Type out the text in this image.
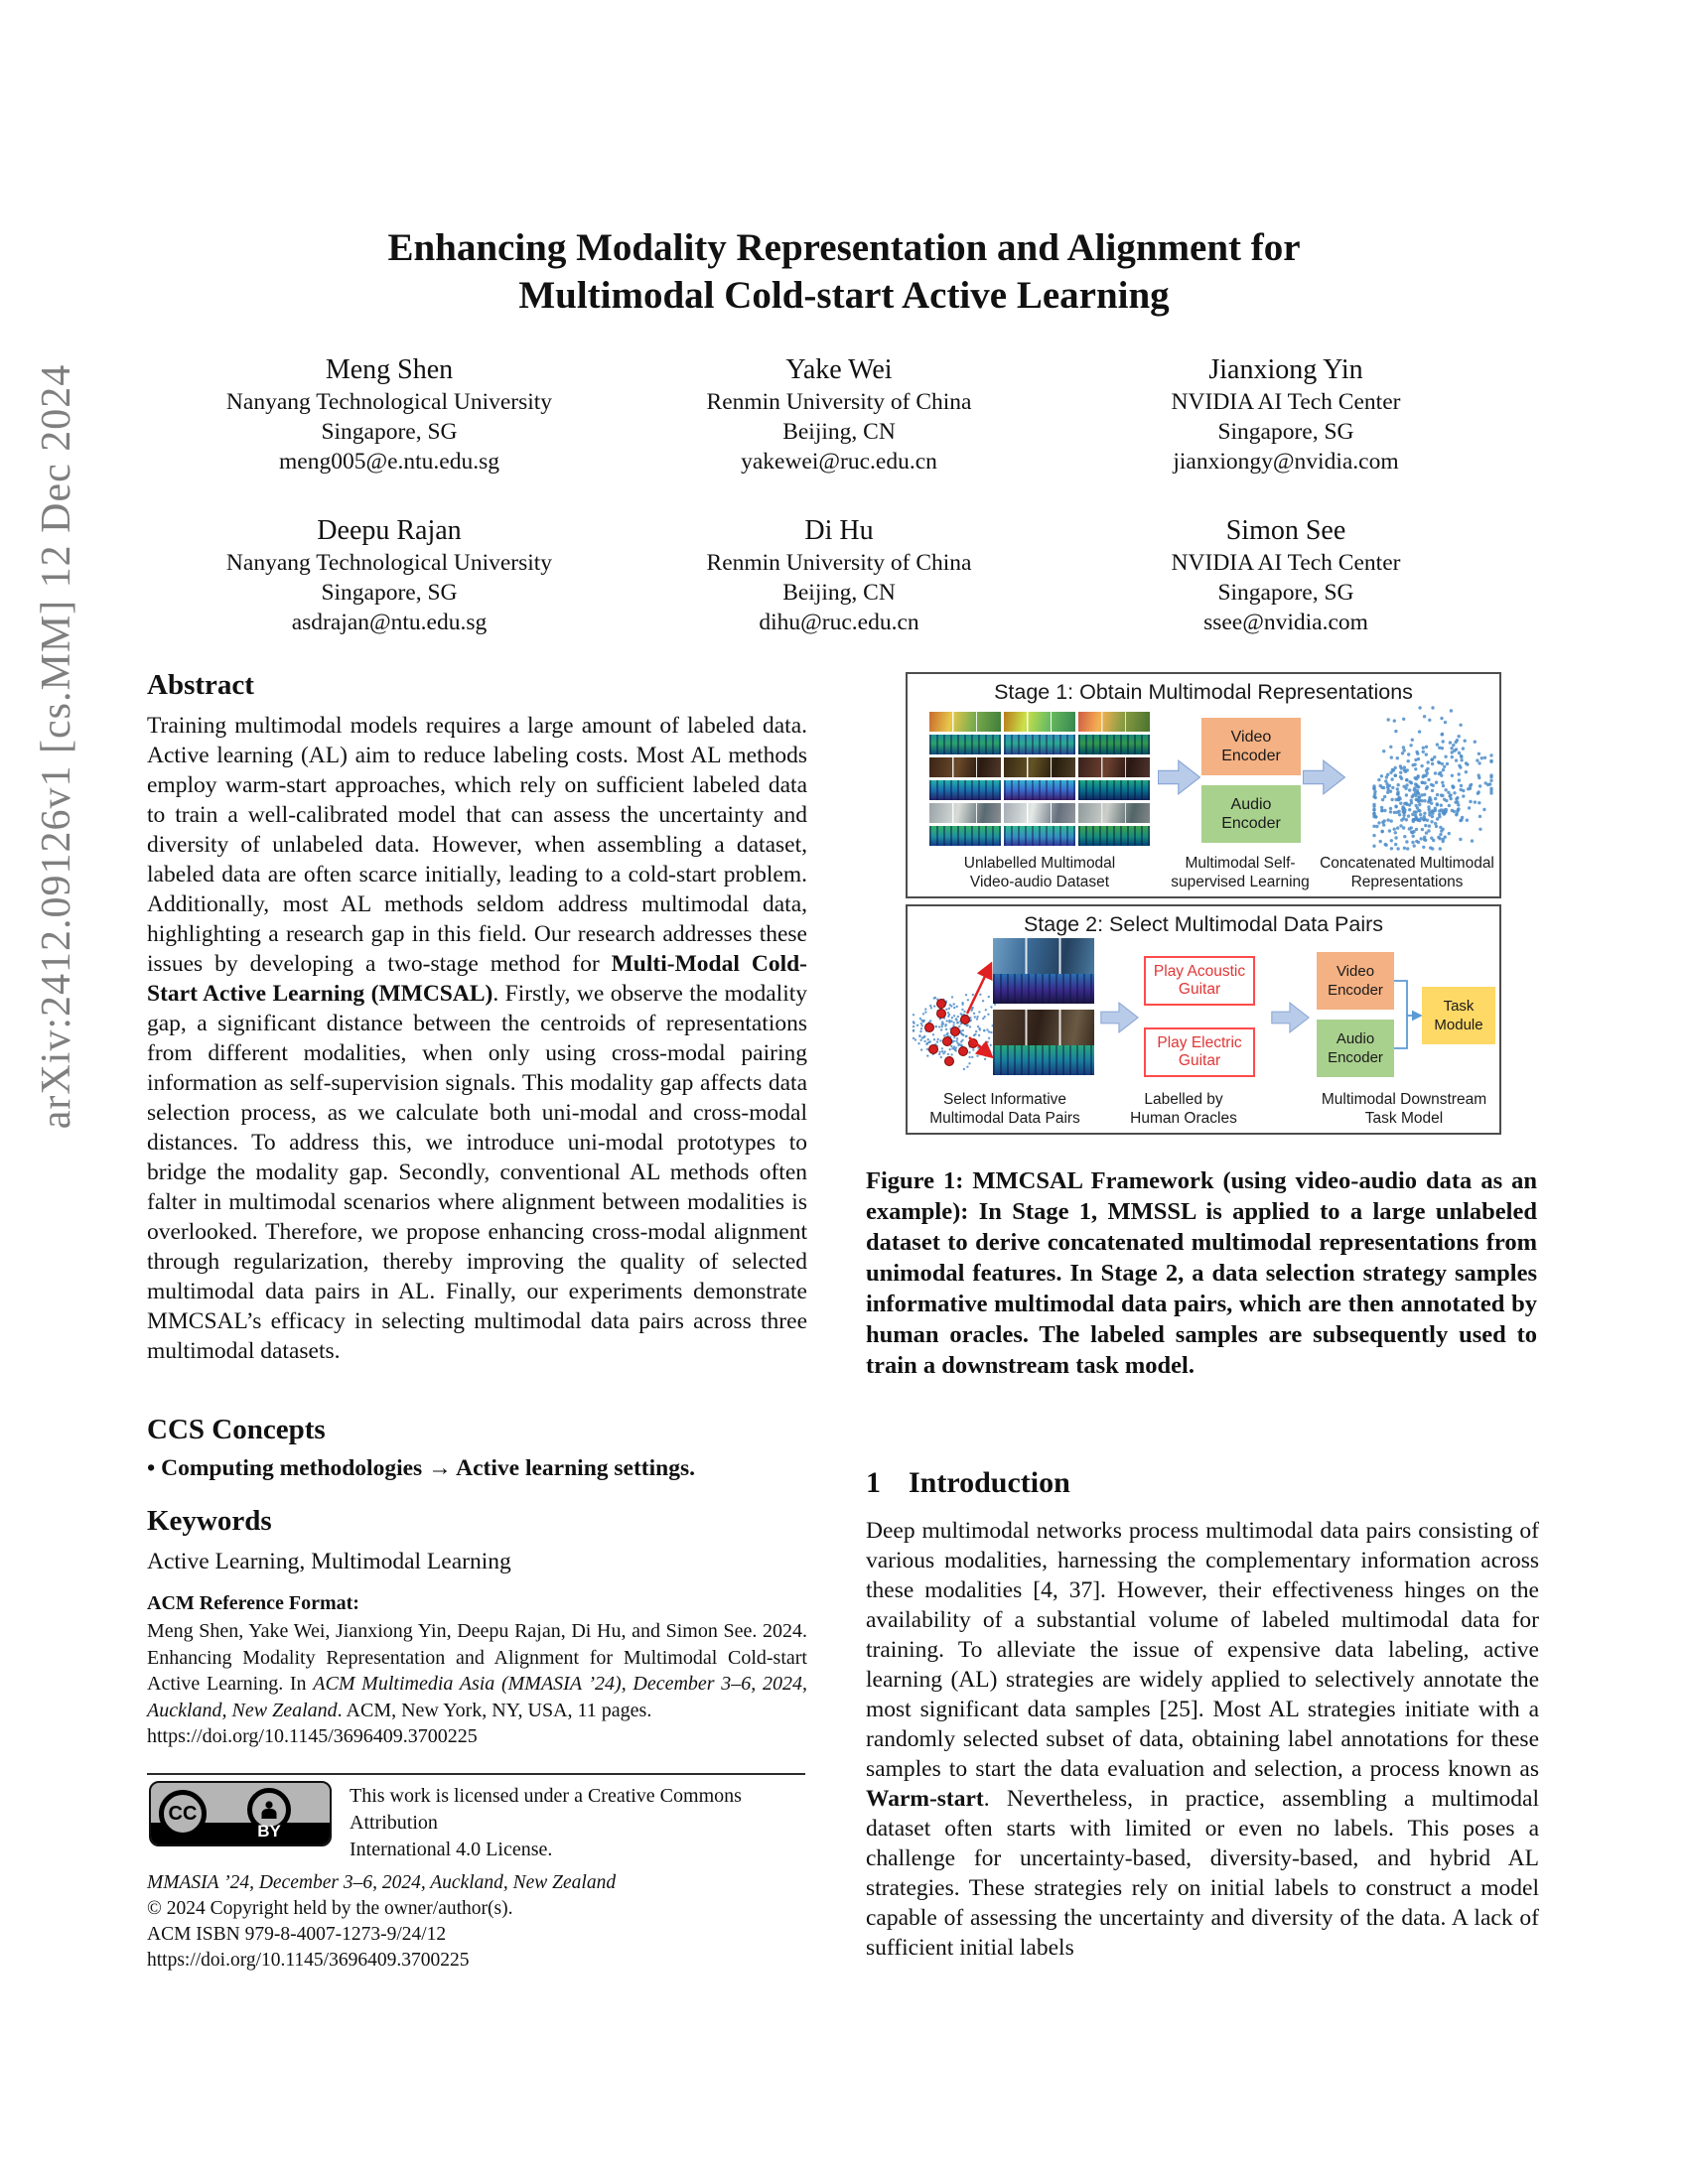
arXiv:2412.09126v1 [cs.MM] 12 Dec 2024
Enhancing Modality Representation and Alignment for
Multimodal Cold-start Active Learning
Meng Shen
Nanyang Technological University
Singapore, SG
meng005@e.ntu.edu.sg
Yake Wei
Renmin University of China
Beijing, CN
yakewei@ruc.edu.cn
Jianxiong Yin
NVIDIA AI Tech Center
Singapore, SG
jianxiongy@nvidia.com
Deepu Rajan
Nanyang Technological University
Singapore, SG
asdrajan@ntu.edu.sg
Di Hu
Renmin University of China
Beijing, CN
dihu@ruc.edu.cn
Simon See
NVIDIA AI Tech Center
Singapore, SG
ssee@nvidia.com
Abstract
Training multimodal models requires a large amount of labeled data. Active learning (AL) aim to reduce labeling costs. Most AL methods employ warm-start approaches, which rely on sufficient labeled data to train a well-calibrated model that can assess the uncertainty and diversity of unlabeled data. However, when assembling a dataset, labeled data are often scarce initially, leading to a cold-start problem. Additionally, most AL methods seldom address multimodal data, highlighting a research gap in this field. Our research addresses these issues by developing a two-stage method for Multi-Modal Cold-Start Active Learning (MMCSAL). Firstly, we observe the modality gap, a significant distance between the centroids of representations from different modalities, when only using cross-modal pairing information as self-supervision signals. This modality gap affects data selection process, as we calculate both uni-modal and cross-modal distances. To address this, we introduce uni-modal prototypes to bridge the modality gap. Secondly, conventional AL methods often falter in multimodal scenarios where alignment between modalities is overlooked. Therefore, we propose enhancing cross-modal alignment through regularization, thereby improving the quality of selected multimodal data pairs in AL. Finally, our experiments demonstrate MMCSAL’s efficacy in selecting multimodal data pairs across three multimodal datasets.
CCS Concepts
• Computing methodologies → Active learning settings.
Keywords
Active Learning, Multimodal Learning
ACM Reference Format:
Meng Shen, Yake Wei, Jianxiong Yin, Deepu Rajan, Di Hu, and Simon See. 2024. Enhancing Modality Representation and Alignment for Multimodal Cold-start Active Learning. In ACM Multimedia Asia (MMASIA ’24), December 3–6, 2024, Auckland, New Zealand. ACM, New York, NY, USA, 11 pages.
https://doi.org/10.1145/3696409.3700225
CC
BY
This work is licensed under a Creative Commons Attribution
International 4.0 License.
MMASIA ’24, December 3–6, 2024, Auckland, New Zealand
© 2024 Copyright held by the owner/author(s).
ACM ISBN 979-8-4007-1273-9/24/12
https://doi.org/10.1145/3696409.3700225
Stage 1: Obtain Multimodal Representations
Video Encoder
Audio Encoder
Unlabelled Multimodal
Video-audio Dataset
Multimodal Self-
supervised Learning
Concatenated Multimodal
Representations
Stage 2: Select Multimodal Data Pairs
Play Acoustic
Guitar
Play Electric
Guitar
Video Encoder
Audio Encoder
Task Module
Select Informative
Multimodal Data Pairs
Labelled by
Human Oracles
Multimodal Downstream
Task Model
Figure 1: MMCSAL Framework (using video-audio data as an example): In Stage 1, MMSSL is applied to a large unlabeled dataset to derive concatenated multimodal representations from unimodal features. In Stage 2, a data selection strategy samples informative multimodal data pairs, which are then annotated by human oracles. The labeled samples are subsequently used to train a downstream task model.
1 Introduction
Deep multimodal networks process multimodal data pairs consisting of various modalities, harnessing the complementary information across these modalities [4, 37]. However, their effectiveness hinges on the availability of a substantial volume of labeled multimodal data for training. To alleviate the issue of expensive data labeling, active learning (AL) strategies are widely applied to selectively annotate the most significant data samples [25]. Most AL strategies initiate with a randomly selected subset of data, obtaining label annotations for these samples to start the data evaluation and selection, a process known as Warm-start. Nevertheless, in practice, assembling a multimodal dataset often starts with limited or even no labels. This poses a challenge for uncertainty-based, diversity-based, and hybrid AL strategies. These strategies rely on initial labels to construct a model capable of assessing the uncertainty and diversity of the data. A lack of sufficient initial labels
